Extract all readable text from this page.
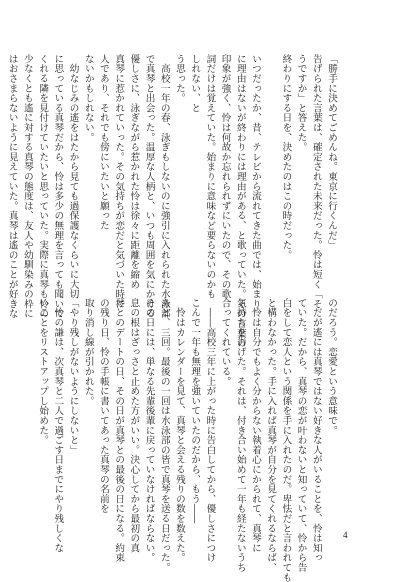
「勝手に決めてごめんね。東京に行くんだ」

告げられた言葉は、確定された未来だった。怜は短く「そ

うですか」と答えた。

終わりにする日を、決めたのはこの時だった。

いつだったか、昔、テレビから流れてきた曲では、始まり

に理由はないが終わりには理由がある、と歌っていた。その言葉の

印象が強く、怜は何故か忘れられずにいたので、その歌

詞だけは覚えていた。始まりに意味など要らないのかも

しれない、と

う思った。

　高校一年の春、泳ぎもしないのに強引に入れられた水泳部

で真琴と出会った。温厚な人柄と、いつも周囲を気にかける

優しさに、泳ぎながら惹かれた怜は徐々に距離を縮め

真琴に惹かれていった。その気持ちが恋だと気づいた時に

人であり、それでも傍にいたいと願った

ないかもしれない。

　幼なじみの遙をはたから見ても過保護なくらいに大切

に思っている真琴だから、怜は多少の無理を言っても聞いて

くれる隣を見付けていたいと思っていた。実際に真琴も怜の

少なくとも遙に対する真琴の態度は、友人や幼馴染みの枠に

はおさまらないように見えていた。真琴は遙のことが好きな

のだろう。恋愛という意味で。

　だが遙には真琴ではない好きな人がいることを、怜は知っ

ていた。だから、真琴の恋が叶わないと知っていて、怜から告

白をして恋人という関係を手に入れたのだ。卑怯だと言われても

と構わなかった。手に入れば真琴が自分を見てくれるならば、

　怜は自分でもよく分からない執着心にかられて、真琴に

気持ちを告げた。それは、付き合い始めて一年も経たないうち

合ってくれている。

　――高校三年に上がった時に告白してから、優しさにつけ

こんで一年も無理を強いていたのだから、もう――

　怜はカレンダーを見て、真琴と会える残りの数を数えた。

あと、三回。最後の一回は水泳部の皆で真琴を送る日だった。

その日には、単なる先輩後輩に戻っていなければならない。

息の根はざっさと止めた方がいい。決心してから最初の真

琴とのデートの日、その日が真琴との最後の日になる。約束

の残り日、怜の手帳に書いてあった真琴の名前を

取り消し線が引かれた。

「やり残しがないようにしないと」

　怜の謙は、次真琴と二人で過ごす日までにやり残しくな

いことをリストアップし始めた。

4
